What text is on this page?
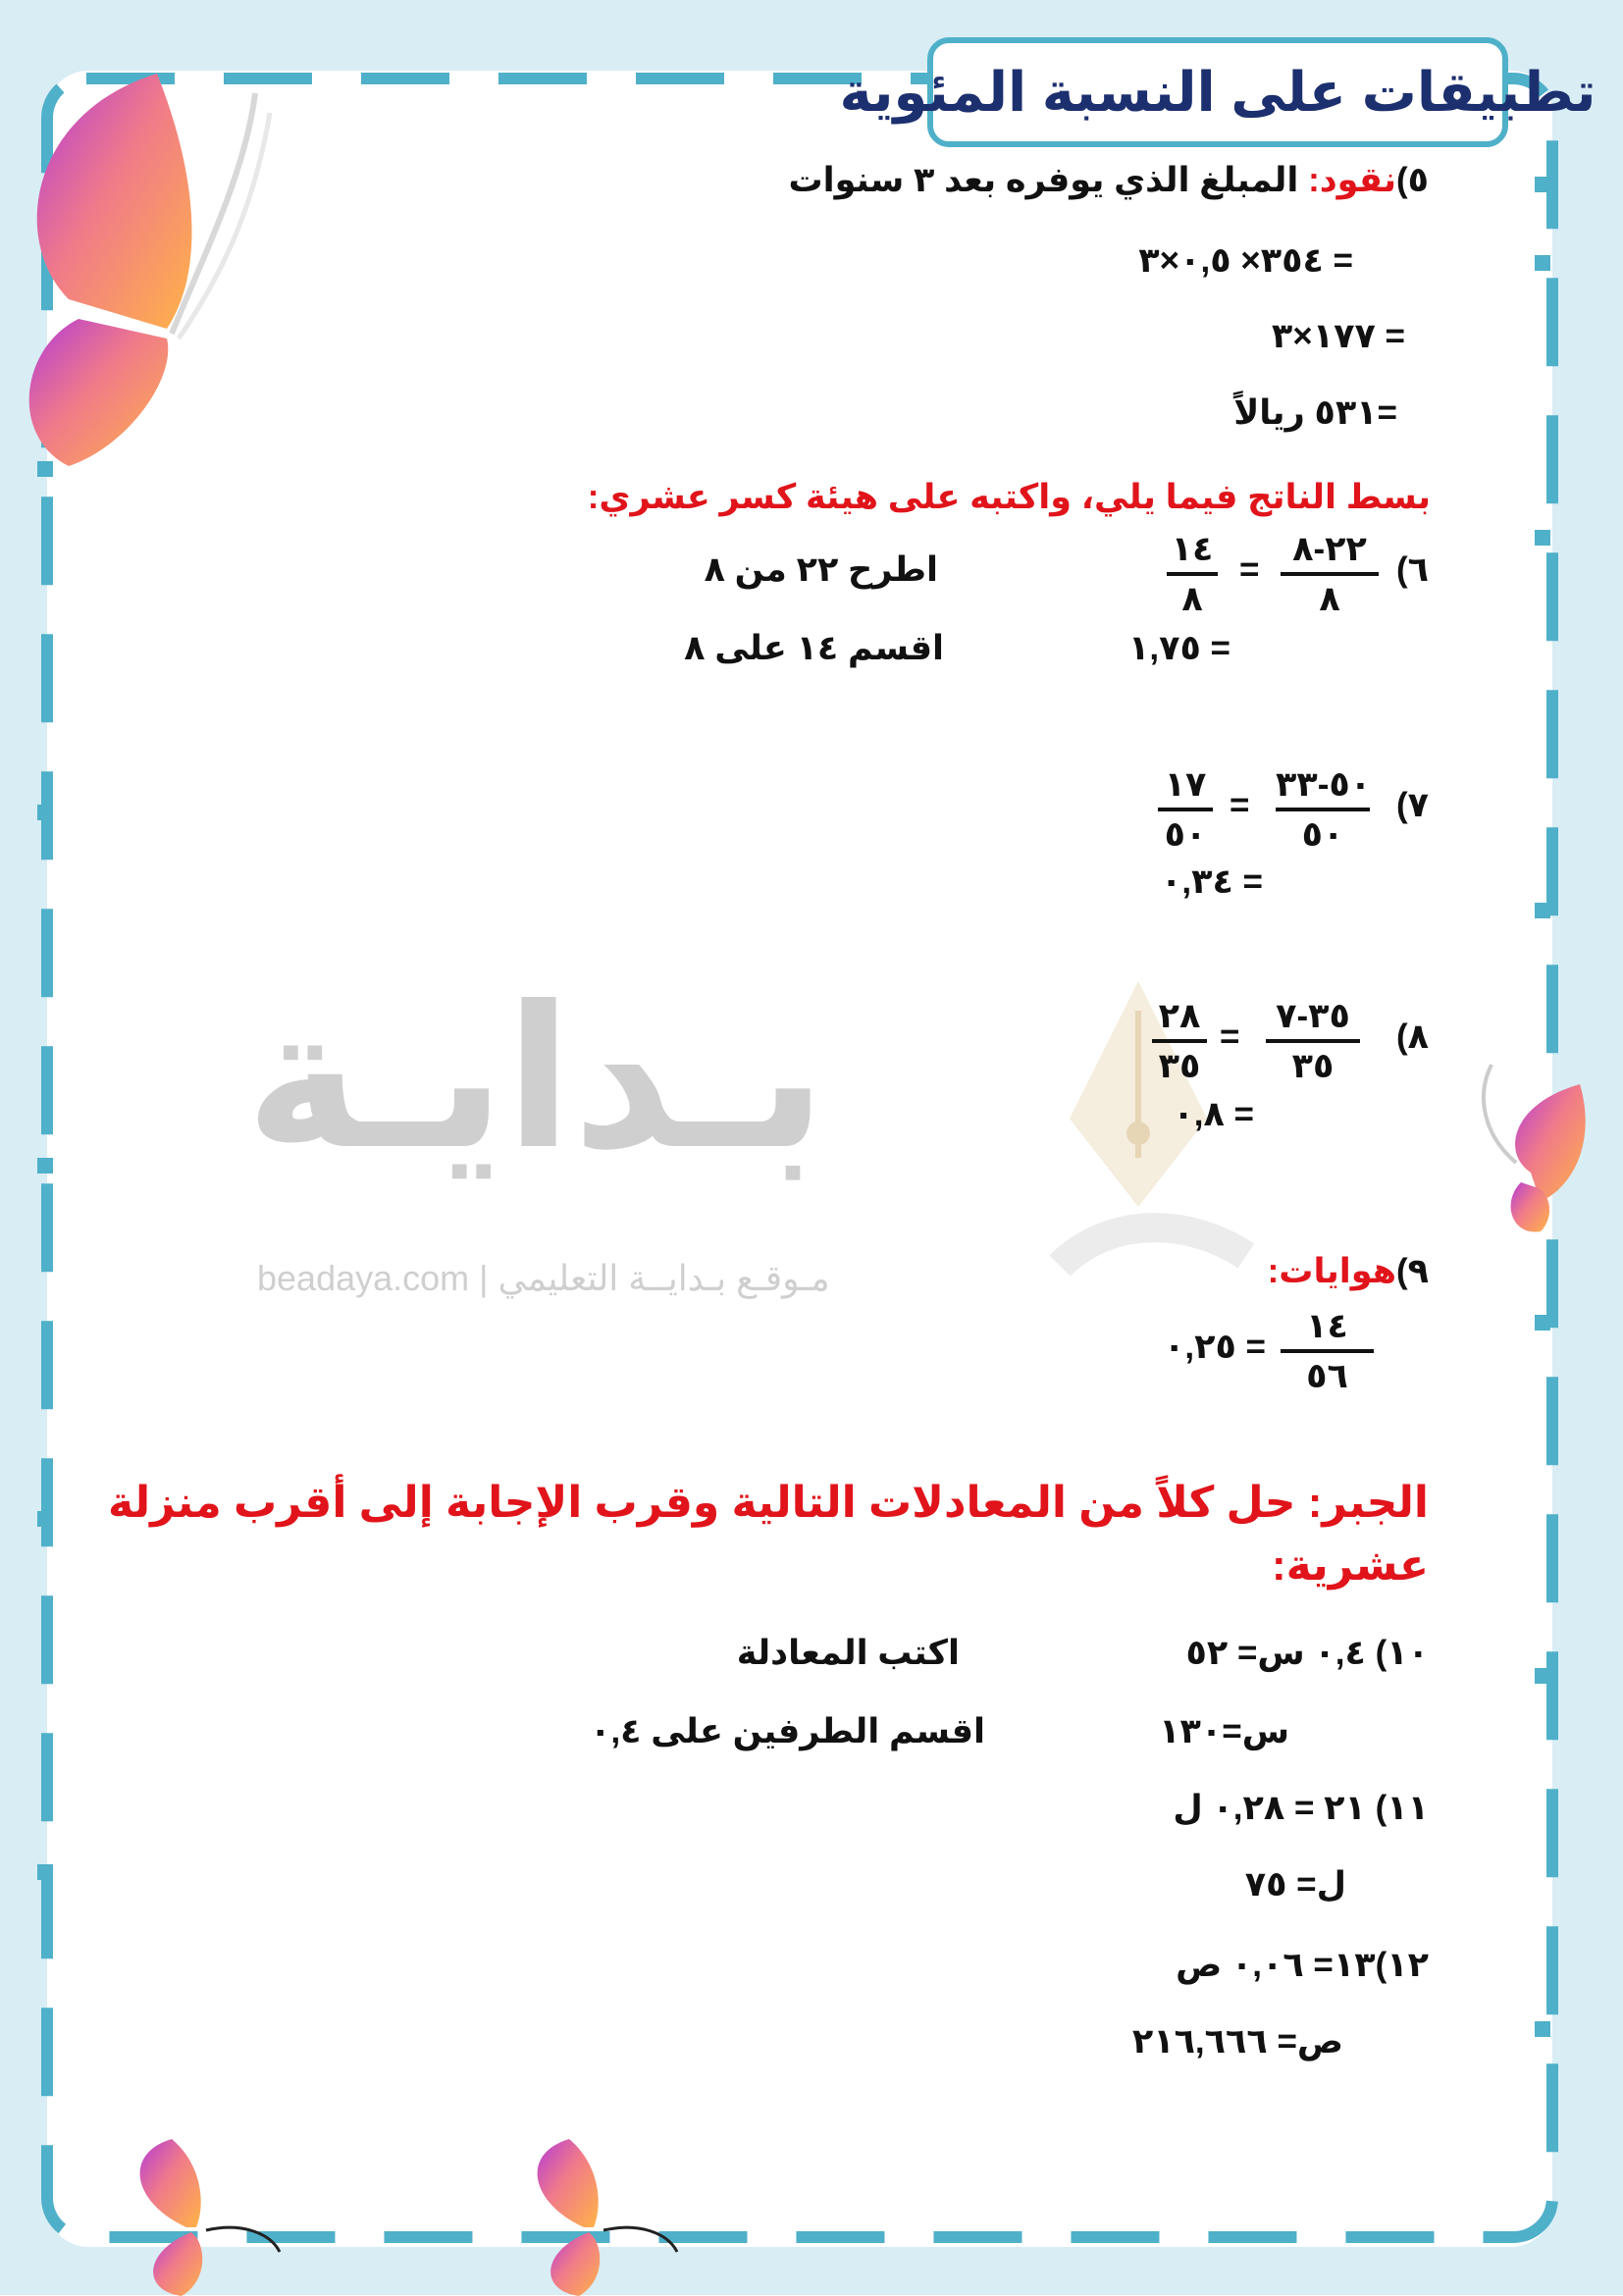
تطبيقات على النسبة المئوية
بـدايـة
مـوقـع بـدايــة التعليمي | beadaya.com
٥)نقود: المبلغ الذي يوفره بعد ٣ سنوات
= ٣٥٤× ٠,٥×٣
= ١٧٧×٣
=٥٣١ ريالاً
بسط الناتج فيما يلي، واكتبه على هيئة كسر عشري:
٦)
٢٢-٨
٨
=
١٤
٨
= ١,٧٥
اطرح ٢٢ من ٨
اقسم ١٤ على ٨
٧)
٥٠-٣٣
٥٠
=
١٧
٥٠
= ٠,٣٤
٨)
٣٥-٧
٣٥
=
٢٨
٣٥
= ٠,٨
٩)هوايات:
١٤
٥٦
= ٠,٢٥
الجبر: حل كلاً من المعادلات التالية وقرب الإجابة إلى أقرب منزلة
عشرية:
١٠) ٠,٤ س= ٥٢
اكتب المعادلة
س=١٣٠
اقسم الطرفين على ٠,٤
١١) ٢١ = ٠,٢٨ ل
ل= ٧٥
١٢)١٣= ٠,٠٦ ص
ص= ٢١٦,٦٦٦
